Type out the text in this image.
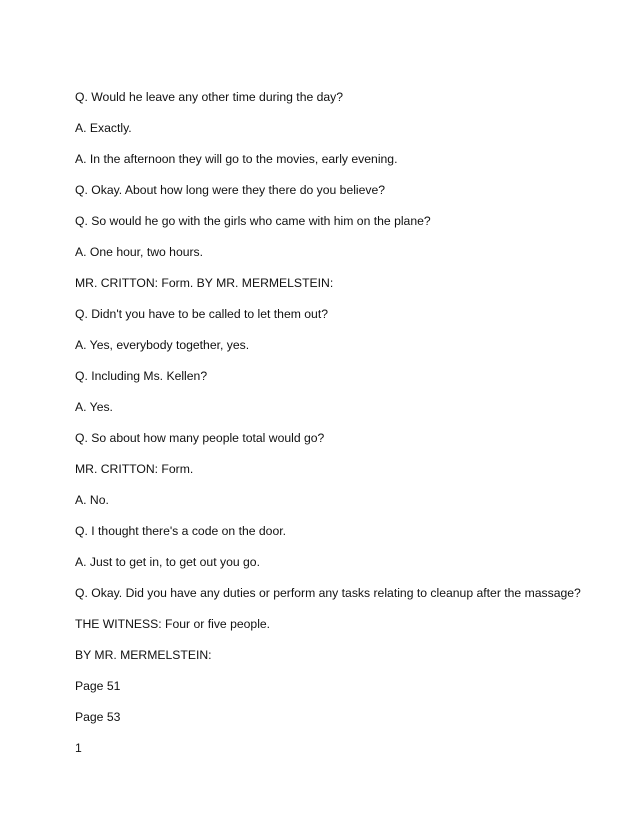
Q. Would he leave any other time during the day?
A. Exactly.
A. In the afternoon they will go to the movies, early evening.
Q. Okay. About how long were they there do you believe?
Q. So would he go with the girls who came with him on the plane?
A. One hour, two hours.
MR. CRITTON: Form. BY MR. MERMELSTEIN:
Q. Didn't you have to be called to let them out?
A. Yes, everybody together, yes.
Q. Including Ms. Kellen?
A. Yes.
Q. So about how many people total would go?
MR. CRITTON: Form.
A. No.
Q. I thought there's a code on the door.
A. Just to get in, to get out you go.
Q. Okay. Did you have any duties or perform any tasks relating to cleanup after the massage?
THE WITNESS: Four or five people.
BY MR. MERMELSTEIN:
Page 51
Page 53
1
